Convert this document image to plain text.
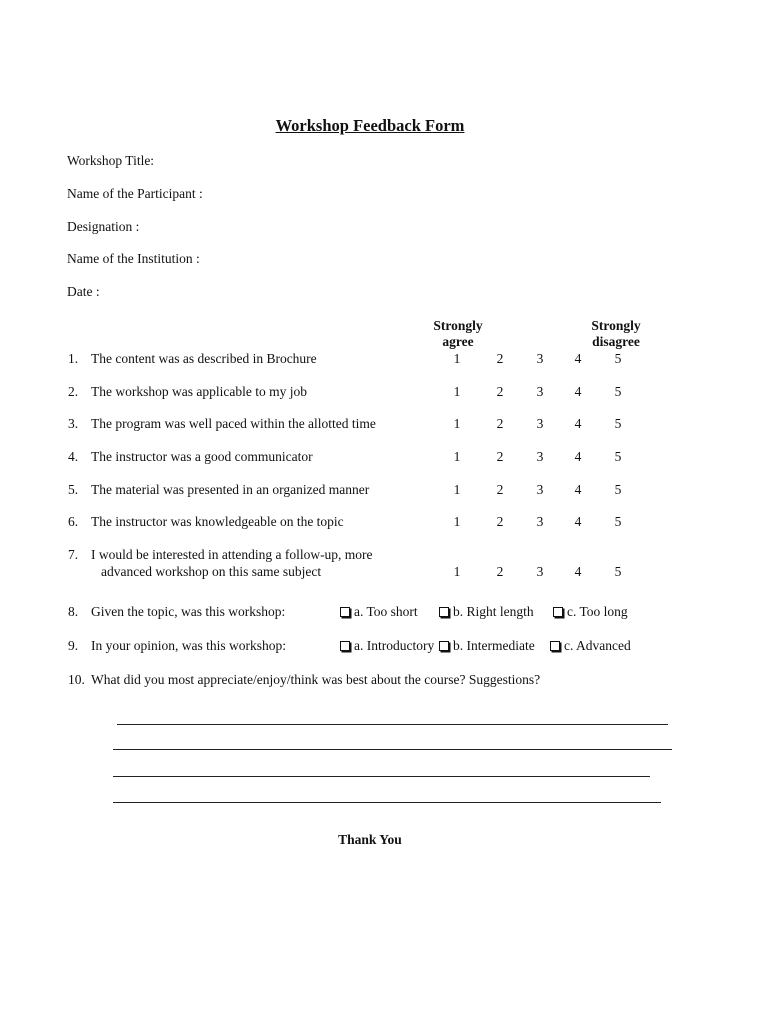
Workshop Feedback Form
Workshop Title:
Name of the Participant :
Designation :
Name of the Institution :
Date :
Strongly agree
Strongly disagree
1. The content was as described in Brochure	1	2	3	4	5
2. The workshop was applicable to my job	1	2	3	4	5
3. The program was well paced within the allotted time	1	2	3	4	5
4. The instructor was a good communicator	1	2	3	4	5
5. The material was presented in an organized manner	1	2	3	4	5
6. The instructor was knowledgeable on the topic	1	2	3	4	5
7. I would be interested in attending a follow-up, more
advanced workshop on this same subject	1	2	3	4	5
8. Given the topic, was this workshop:	a. Too short	b. Right length c. Too long
9. In your opinion, was this workshop:	a. Introductory b. Intermediate c. Advanced
10. What did you most appreciate/enjoy/think was best about the course? Suggestions?
Thank You
